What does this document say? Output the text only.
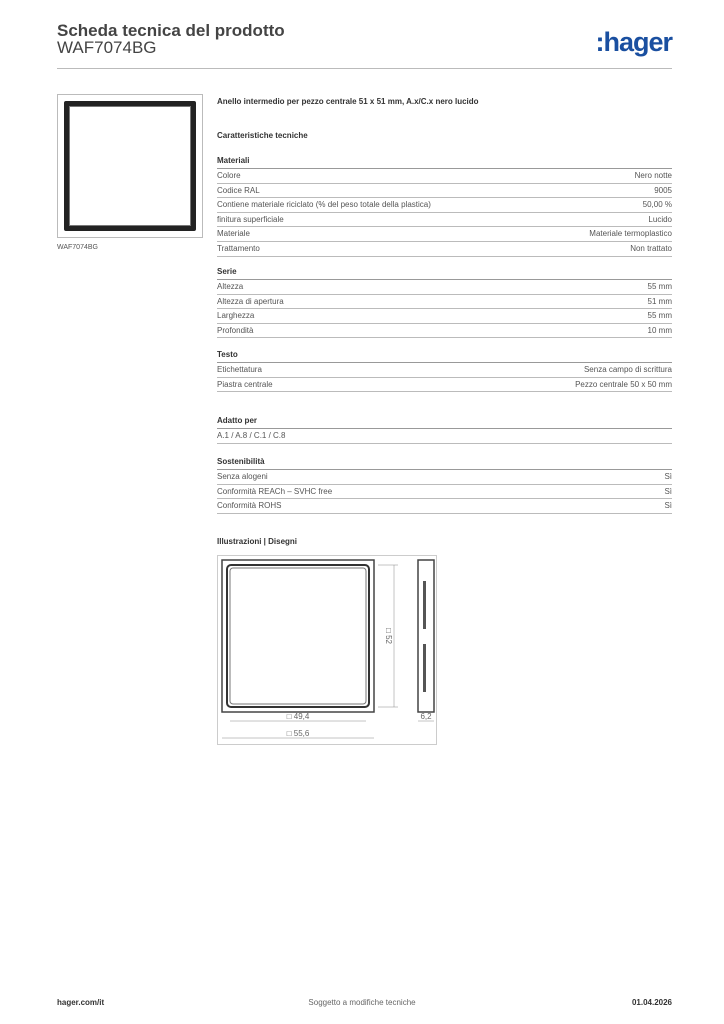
Scheda tecnica del prodotto
WAF7074BG	:hager
WAF7074BG
Anello intermedio per pezzo centrale 51 x 51 mm, A.x/C.x nero lucido
Caratteristiche tecniche
Materiali
Colore	Nero notte
Codice RAL	9005
Contiene materiale riciclato (% del peso totale della plastica)	50,00 %
finitura superficiale	Lucido
Materiale	Materiale termoplastico
Trattamento	Non trattato
Serie
Altezza	55 mm
Altezza di apertura	51 mm
Larghezza	55 mm
Profondità	10 mm
Testo
Etichettatura	Senza campo di scrittura
Piastra centrale	Pezzo centrale 50 x 50 mm
Adatto per
A.1 / A.8 / C.1 / C.8
Sostenibilità
Senza alogeni	Sì
Conformità REACh – SVHC free	Sì
Conformità ROHS	Sì
Illustrazioni | Disegni
□ 52
□ 49,4
□ 55,6
6,2
hager.com/it	Soggetto a modifiche tecniche	01.04.2026
